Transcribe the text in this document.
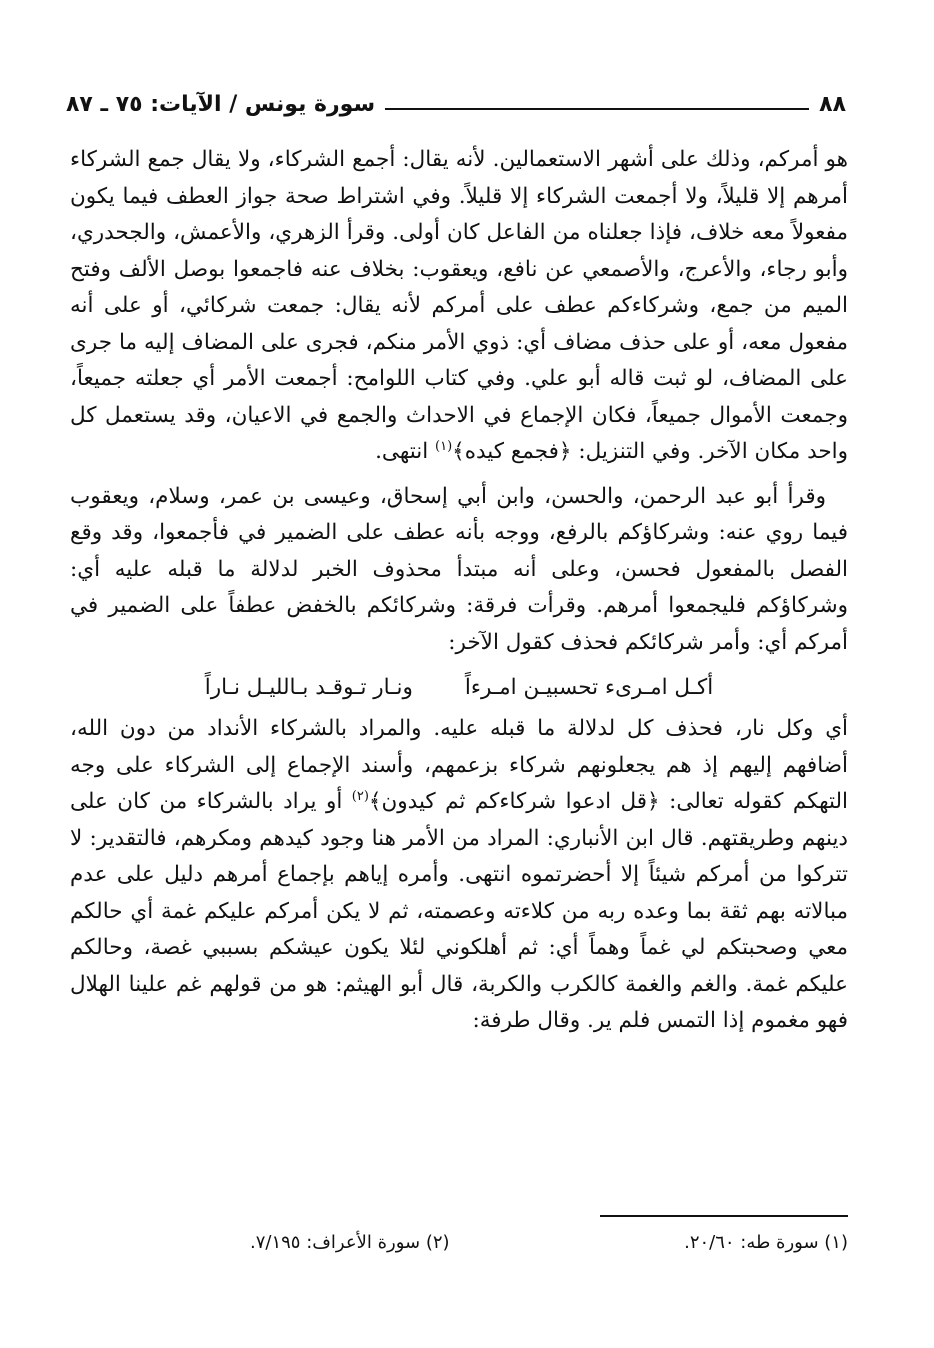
٨٨
سورة يونس / الآيات: ٧٥ ـ ٨٧

هو أمركم، وذلك على أشهر الاستعمالين. لأنه يقال: أجمع الشركاء، ولا يقال جمع الشركاء أمرهم إلا قليلاً، ولا أجمعت الشركاء إلا قليلاً. وفي اشتراط صحة جواز العطف فيما يكون مفعولاً معه خلاف، فإذا جعلناه من الفاعل كان أولى. وقرأ الزهري، والأعمش، والجحدري، وأبو رجاء، والأعرج، والأصمعي عن نافع، ويعقوب: بخلاف عنه فاجمعوا بوصل الألف وفتح الميم من جمع، وشركاءكم عطف على أمركم لأنه يقال: جمعت شركائي، أو على أنه مفعول معه، أو على حذف مضاف أي: ذوي الأمر منكم، فجرى على المضاف إليه ما جرى على المضاف، لو ثبت قاله أبو علي. وفي كتاب اللوامح: أجمعت الأمر أي جعلته جميعاً، وجمعت الأموال جميعاً، فكان الإجماع في الاحداث والجمع في الاعيان، وقد يستعمل كل واحد مكان الآخر. وفي التنزيل: ﴿فجمع كيده﴾$^{(١)}$ انتهى.

وقرأ أبو عبد الرحمن، والحسن، وابن أبي إسحاق، وعيسى بن عمر، وسلام، ويعقوب فيما روي عنه: وشركاؤكم بالرفع، ووجه بأنه عطف على الضمير في فأجمعوا، وقد وقع الفصل بالمفعول فحسن، وعلى أنه مبتدأ محذوف الخبر لدلالة ما قبله عليه أي: وشركاؤكم فليجمعوا أمرهم. وقرأت فرقة: وشركائكم بالخفض عطفاً على الضمير في أمركم أي: وأمر شركائكم فحذف كقول الآخر:

أكـل امـرىء تحسبيـن امـرءاً
ونـار تـوقـد بـالليـل نـاراً

أي وكل نار، فحذف كل لدلالة ما قبله عليه. والمراد بالشركاء الأنداد من دون الله، أضافهم إليهم إذ هم يجعلونهم شركاء بزعمهم، وأسند الإجماع إلى الشركاء على وجه التهكم كقوله تعالى: ﴿قل ادعوا شركاءكم ثم كيدون﴾$^{(٢)}$ أو يراد بالشركاء من كان على دينهم وطريقتهم. قال ابن الأنباري: المراد من الأمر هنا وجود كيدهم ومكرهم، فالتقدير: لا تتركوا من أمركم شيئاً إلا أحضرتموه انتهى. وأمره إياهم بإجماع أمرهم دليل على عدم مبالاته بهم ثقة بما وعده ربه من كلاءته وعصمته، ثم لا يكن أمركم عليكم غمة أي حالكم معي وصحبتكم لي غماً وهماً أي: ثم أهلكوني لئلا يكون عيشكم بسببي غصة، وحالكم عليكم غمة. والغم والغمة كالكرب والكربة، قال أبو الهيثم: هو من قولهم غم علينا الهلال فهو مغموم إذا التمس فلم ير. وقال طرفة:

(١) سورة طه: ٢٠/٦٠.
(٢) سورة الأعراف: ٧/١٩٥.
